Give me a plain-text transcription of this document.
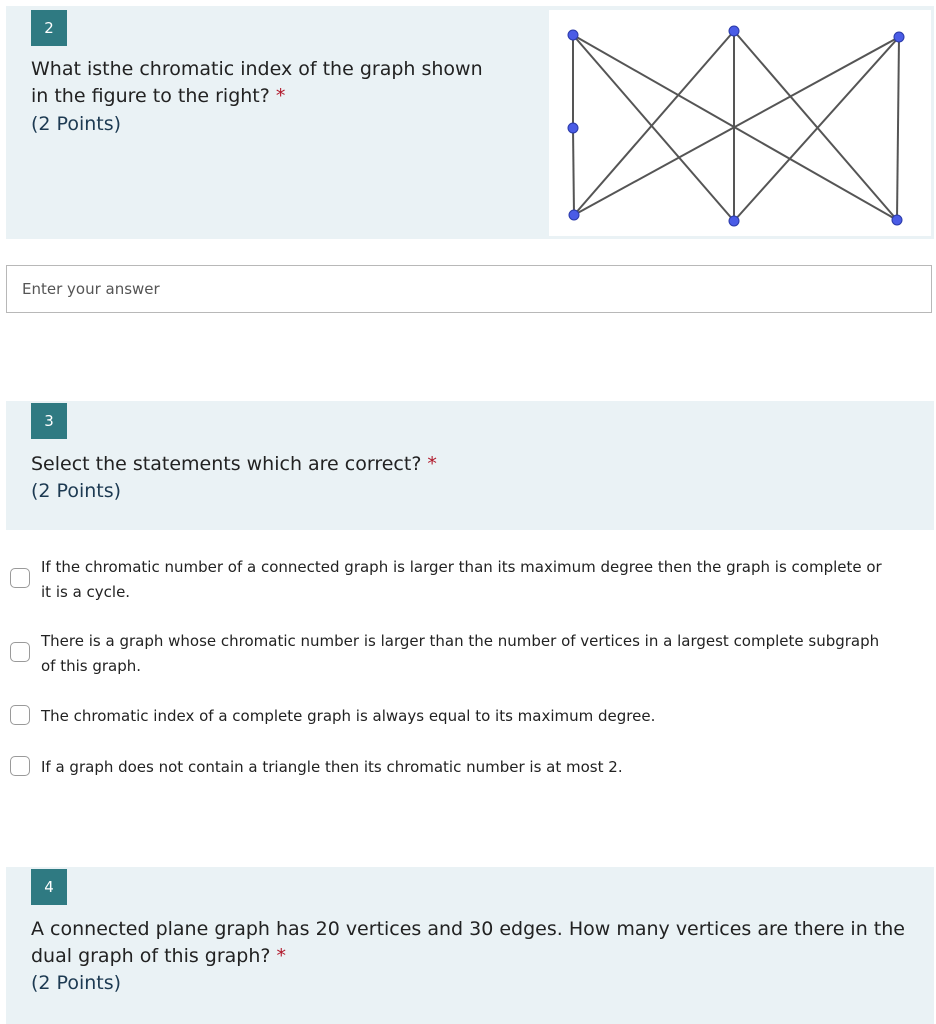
2
What isthe chromatic index of the graph shown
in the figure to the right? *
(2 Points)
Enter your answer
3
Select the statements which are correct? *
(2 Points)
If the chromatic number of a connected graph is larger than its maximum degree then the graph is complete or
it is a cycle.
There is a graph whose chromatic number is larger than the number of vertices in a largest complete subgraph
of this graph.
The chromatic index of a complete graph is always equal to its maximum degree.
If a graph does not contain a triangle then its chromatic number is at most 2.
4
A connected plane graph has 20 vertices and 30 edges. How many vertices are there in the
dual graph of this graph? *
(2 Points)
